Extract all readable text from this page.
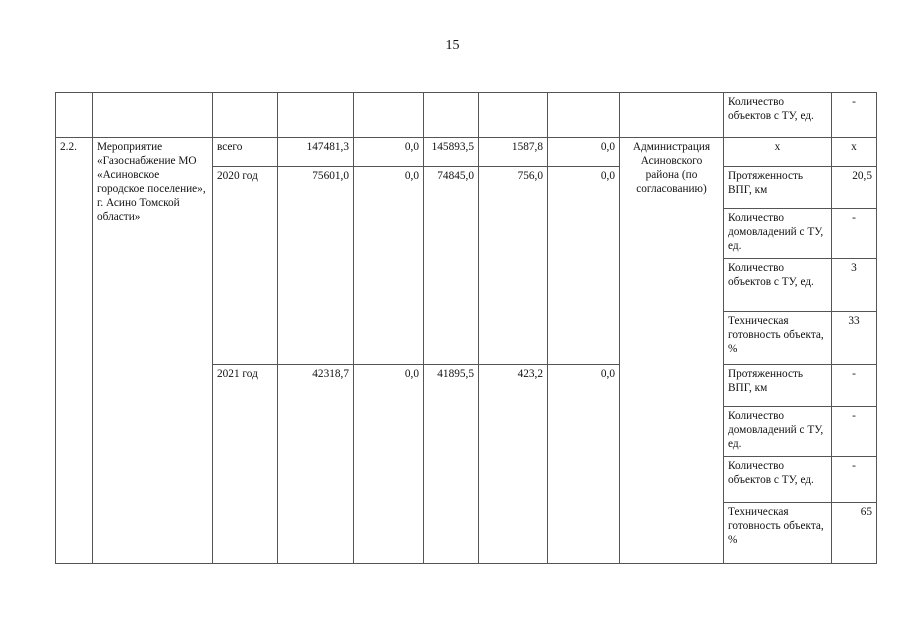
15
									Количество объектов с ТУ, ед.	-
2.2.	Мероприятие «Газоснабжение МО «Асиновское городское поселение», г. Асино Томской области»	всего	147481,3	0,0	145893,5	1587,8	0,0	Администрация Асиновского района (по согласованию)	х	х
		2020 год	75601,0	0,0	74845,0	756,0	0,0		Протяженность ВПГ, км	20,5
									Количество домовладений с ТУ, ед.	-
									Количество объектов с ТУ, ед.	3
									Техническая готовность объекта, %	33
		2021 год	42318,7	0,0	41895,5	423,2	0,0		Протяженность ВПГ, км	-
									Количество домовладений с ТУ, ед.	-
									Количество объектов с ТУ, ед.	-
									Техническая готовность объекта, %	65
